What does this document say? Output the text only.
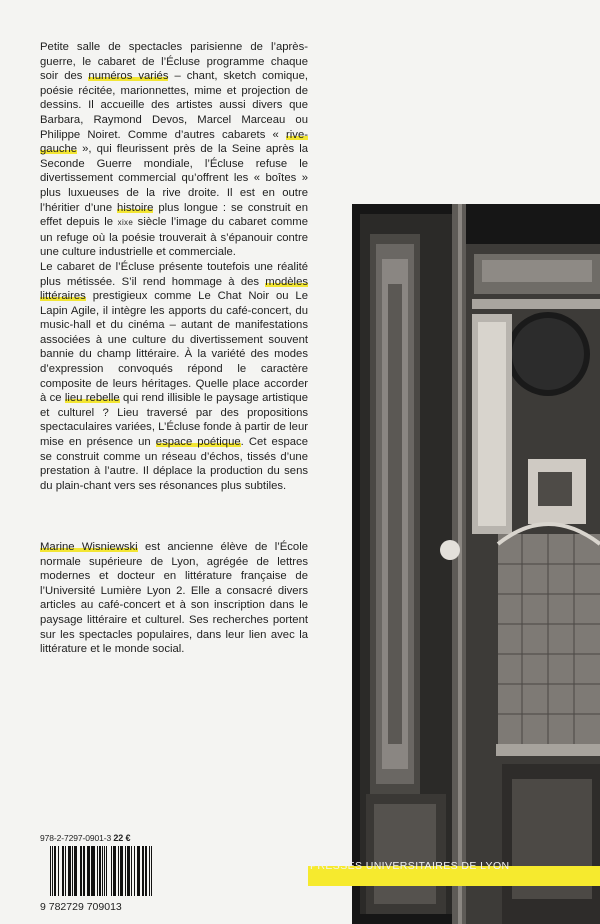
Petite salle de spectacles parisienne de l’après-guerre, le cabaret de l’Écluse programme chaque soir des numéros variés – chant, sketch comique, poésie récitée, marionnettes, mime et projection de dessins. Il accueille des artistes aussi divers que Barbara, Raymond Devos, Marcel Marceau ou Philippe Noiret. Comme d’autres cabarets « rive-gauche », qui fleurissent près de la Seine après la Seconde Guerre mondiale, l’Écluse refuse le divertissement commercial qu’offrent les « boîtes » plus luxueuses de la rive droite. Il est en outre l’héritier d’une histoire plus longue : se construit en effet depuis le xixe siècle l’image du cabaret comme un refuge où la poésie trouverait à s’épanouir contre une culture industrielle et commerciale.

Le cabaret de l’Écluse présente toutefois une réalité plus métissée. S’il rend hommage à des modèles littéraires prestigieux comme Le Chat Noir ou Le Lapin Agile, il intègre les apports du café-concert, du music-hall et du cinéma – autant de manifestations associées à une culture du divertissement souvent bannie du champ littéraire. À la variété des modes d’expression convoqués répond le caractère composite de leurs héritages. Quelle place accorder à ce lieu rebelle qui rend illisible le paysage artistique et culturel ? Lieu traversé par des propositions spectaculaires variées, L’Écluse fonde à partir de leur mise en présence un espace poétique. Cet espace se construit comme un réseau d’échos, tissés d’une prestation à l’autre. Il déplace la production du sens du plain-chant vers ses résonances plus subtiles.

Marine Wisniewski est ancienne élève de l’École normale supérieure de Lyon, agrégée de lettres modernes et docteur en littérature française de l’Université Lumière Lyon 2. Elle a consacré divers articles au café-concert et à son inscription dans le paysage littéraire et culturel. Ses recherches portent sur les spectacles populaires, dans leur lien avec la littérature et le monde social.
978-2-7297-0901-3 22 €
9 782729 709013
PRESSES UNIVERSITAIRES DE LYON
